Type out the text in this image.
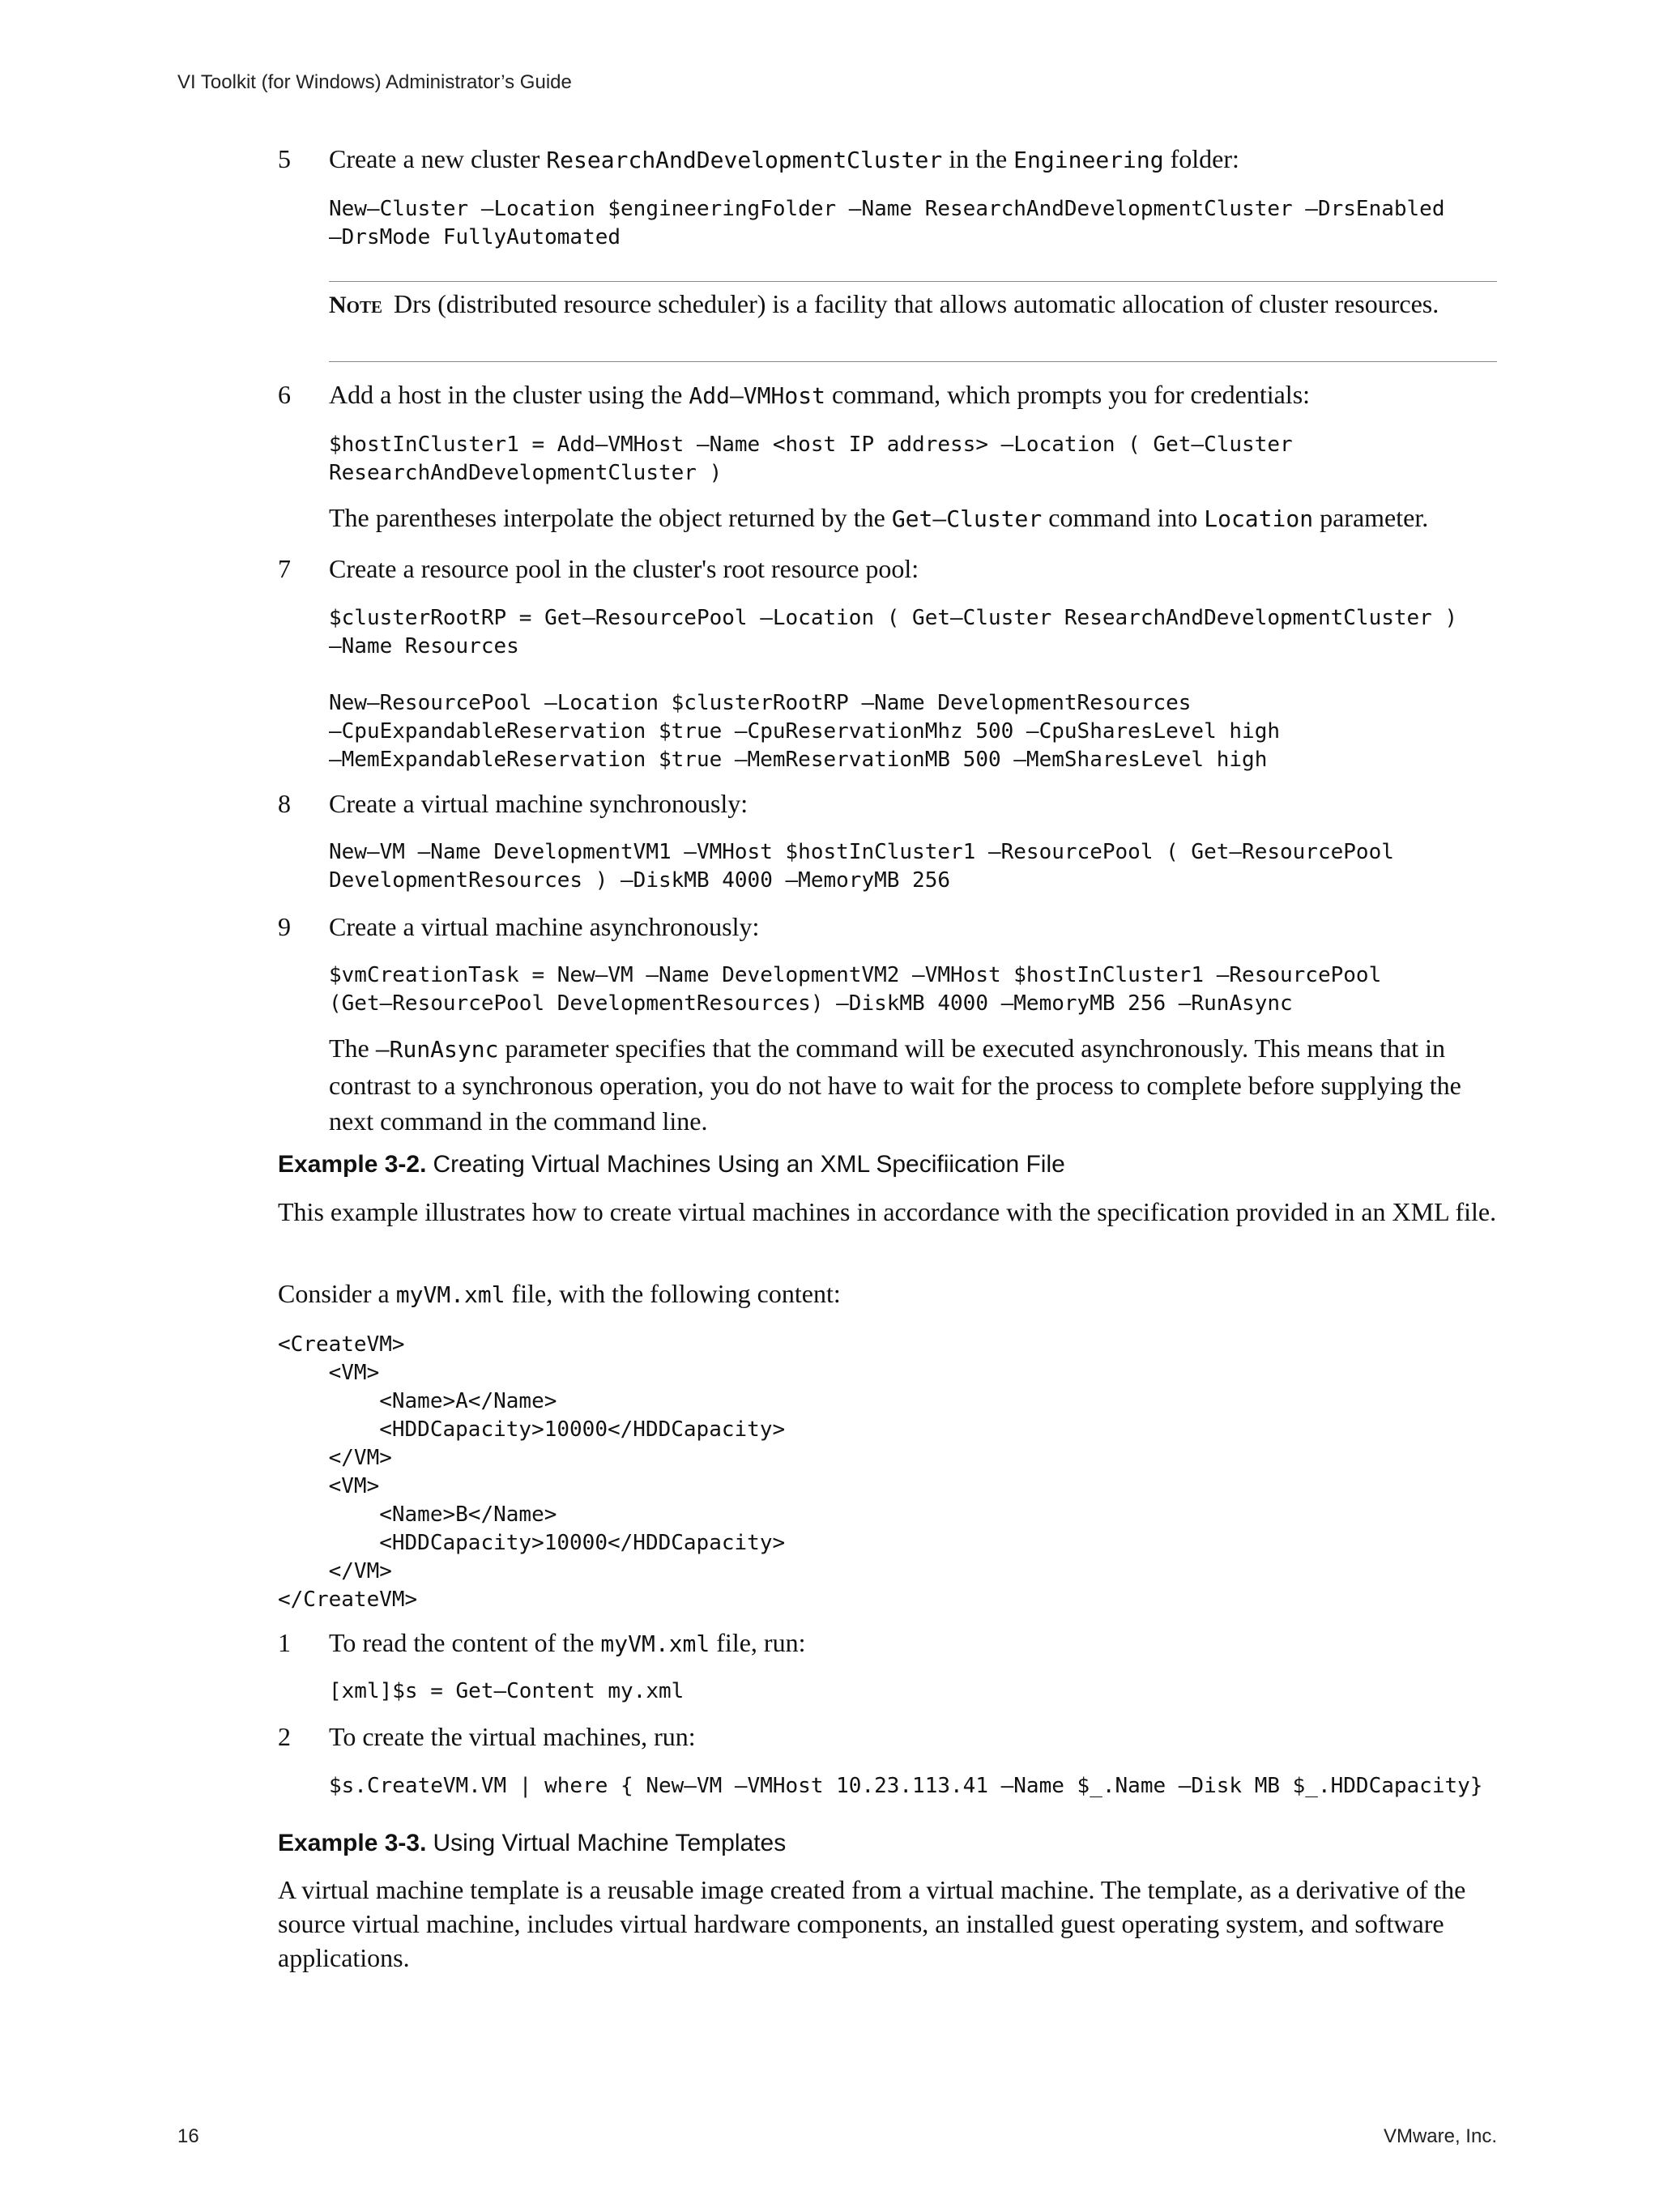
VI Toolkit (for Windows) Administrator’s Guide
5 Create a new cluster ResearchAndDevelopmentCluster in the Engineering folder:
New–Cluster –Location $engineeringFolder –Name ResearchAndDevelopmentCluster –DrsEnabled
–DrsMode FullyAutomated
Note Drs (distributed resource scheduler) is a facility that allows automatic allocation of cluster resources.
6 Add a host in the cluster using the Add–VMHost command, which prompts you for credentials:
$hostInCluster1 = Add–VMHost –Name <host IP address> –Location ( Get–Cluster
ResearchAndDevelopmentCluster )
The parentheses interpolate the object returned by the Get–Cluster command into Location parameter.
7 Create a resource pool in the cluster's root resource pool:
$clusterRootRP = Get–ResourcePool –Location ( Get–Cluster ResearchAndDevelopmentCluster )
–Name Resources

New–ResourcePool –Location $clusterRootRP –Name DevelopmentResources
–CpuExpandableReservation $true –CpuReservationMhz 500 –CpuSharesLevel high
–MemExpandableReservation $true –MemReservationMB 500 –MemSharesLevel high
8 Create a virtual machine synchronously:
New–VM –Name DevelopmentVM1 –VMHost $hostInCluster1 –ResourcePool ( Get–ResourcePool
DevelopmentResources ) –DiskMB 4000 –MemoryMB 256
9 Create a virtual machine asynchronously:
$vmCreationTask = New–VM –Name DevelopmentVM2 –VMHost $hostInCluster1 –ResourcePool
(Get–ResourcePool DevelopmentResources) –DiskMB 4000 –MemoryMB 256 –RunAsync
The –RunAsync parameter specifies that the command will be executed asynchronously. This means that in contrast to a synchronous operation, you do not have to wait for the process to complete before supplying the next command in the command line.
Example 3-2. Creating Virtual Machines Using an XML Specifiication File
This example illustrates how to create virtual machines in accordance with the specification provided in an XML file.
Consider a myVM.xml file, with the following content:
<CreateVM>
<VM>
<Name>A</Name>
<HDDCapacity>10000</HDDCapacity>
</VM>
<VM>
<Name>B</Name>
<HDDCapacity>10000</HDDCapacity>
</VM>
</CreateVM>
1 To read the content of the myVM.xml file, run:
[xml]$s = Get–Content my.xml
2 To create the virtual machines, run:
$s.CreateVM.VM | where { New–VM –VMHost 10.23.113.41 –Name $_.Name –Disk MB $_.HDDCapacity}
Example 3-3. Using Virtual Machine Templates
A virtual machine template is a reusable image created from a virtual machine. The template, as a derivative of the source virtual machine, includes virtual hardware components, an installed guest operating system, and software applications.
16	VMware, Inc.
